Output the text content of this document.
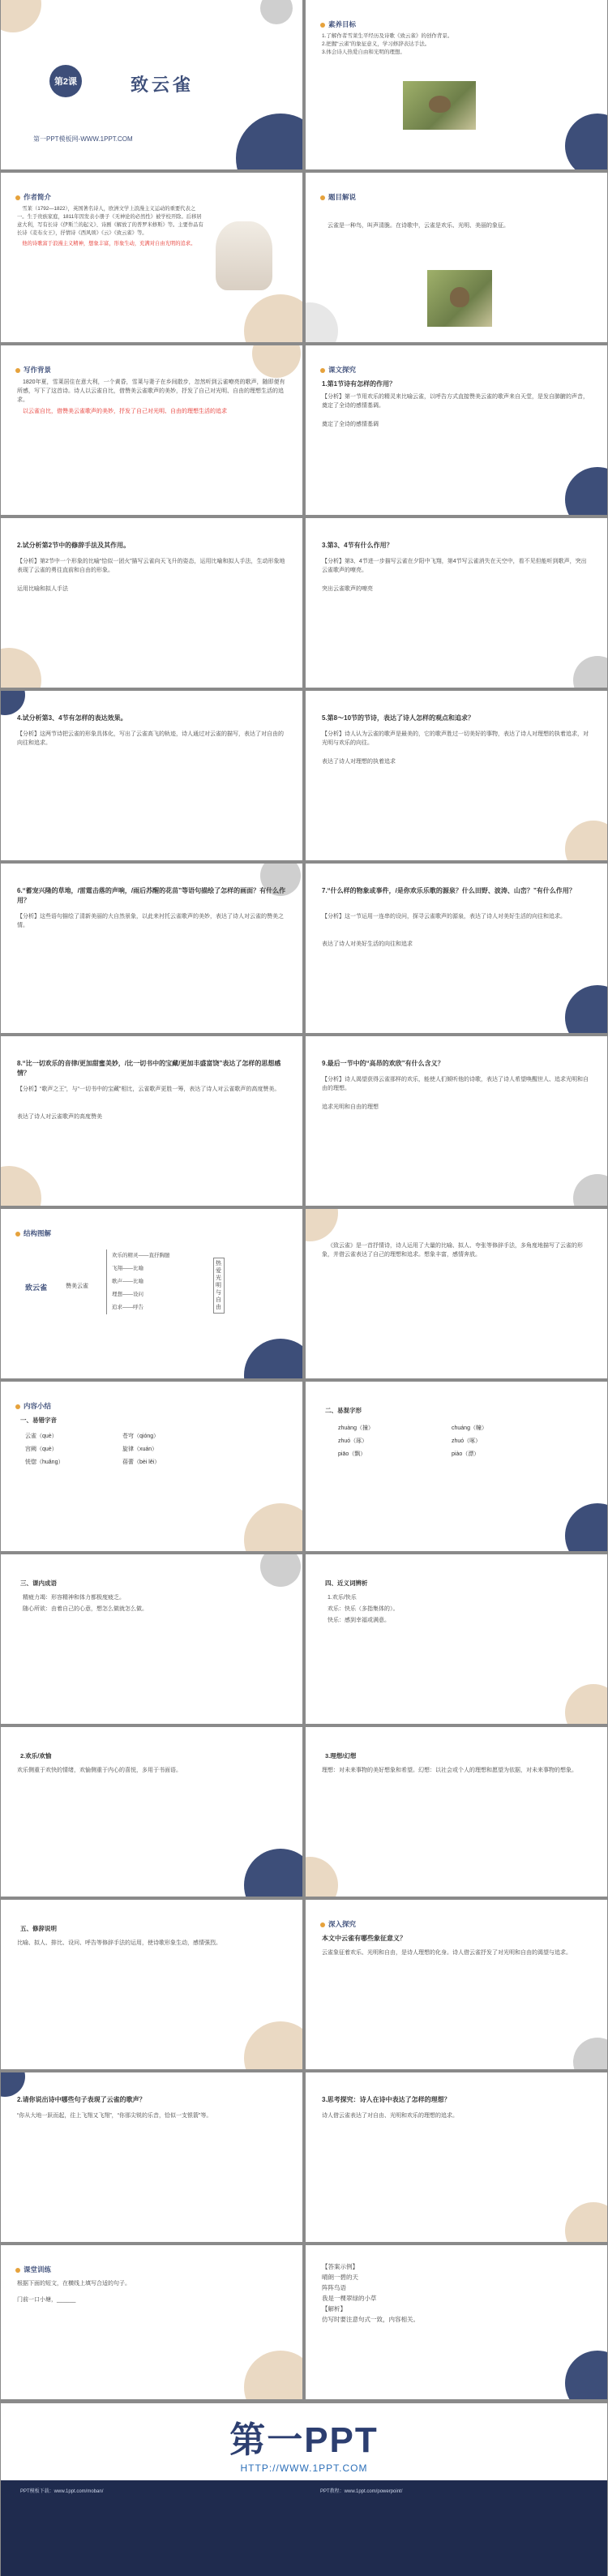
第2课	致云雀
第一PPT模板网-WWW.1PPT.COM
素养目标
1.了解作者雪莱生平经历及诗歌《致云雀》的创作背景。
2.把握“云雀”的象征意义，学习修辞表达手法。
3.体会诗人热爱自由和光明的理想。
作者简介

雪莱（1792—1822），英国著名诗人，欧洲文学上浪漫主义运动的重要代表之一。生于贵族家庭，1811年因发表小册子《无神论的必然性》被学校开除。后移居意大利，写有长诗《伊斯兰的起义》、诗剧《解放了的普罗米修斯》等。主要作品有长诗《麦布女王》，抒情诗《西风颂》《云》《致云雀》等。

他的诗歌富于浪漫主义精神，想象丰富，形象生动，充满对自由光明的追求。

题目解说

云雀是一种鸟，叫声清脆。在诗歌中，云雀是欢乐、光明、美丽的象征。

写作背景

1820年夏，雪莱居住在意大利，一个黄昏，雪莱与妻子在乡间散步，忽然听到云雀嘹亮的歌声，随即便有所感，写下了这首诗。诗人以云雀自比，借赞美云雀歌声的美妙，抒发了自己对光明、自由的理想生活的追求。

以云雀自比，借赞美云雀歌声的美妙，抒发了自己对光明、自由的理想生活的追求

课文探究
1.第1节诗有怎样的作用？
【分析】第一节用欢乐的精灵来比喻云雀，以呼告方式直接赞美云雀的歌声来自天堂，是发自肺腑的声音，奠定了全诗的感情基调。
奠定了全诗的感情基调
2.试分析第2节中的修辞手法及其作用。
【分析】第2节中一个形象的比喻“恰似一团火”描写云雀向天飞升的姿态，运用比喻和拟人手法，生动形象地表现了云雀的勇往直前和自由的形象。
运用比喻和拟人手法
3.第3、4节有什么作用？
【分析】第3、4节进一步描写云雀在夕阳中飞翔，第4节写云雀消失在天空中，看不见但能听到歌声，突出云雀歌声的嘹亮。
突出云雀歌声的嘹亮
4.试分析第3、4节有怎样的表达效果。
【分析】这两节诗把云雀的形象具体化，写出了云雀高飞的轨迹，诗人通过对云雀的描写，表达了对自由的向往和追求。
5.第8～10节的节诗，表达了诗人怎样的观点和追求？
【分析】诗人认为云雀的歌声是最美的，它的歌声胜过一切美好的事物，表达了诗人对理想的执着追求，对光明与欢乐的向往。
表达了诗人对理想的执着追求
6.“蓄宠兴隆的草地，/雷霆击落的声响，/雨后苏醒的花苗”等语句描绘了怎样的画面？有什么作用？
【分析】这些语句描绘了清新美丽的大自然景象，以此来衬托云雀歌声的美妙，表达了诗人对云雀的赞美之情。
7.“什么样的物象或事件，/是你欢乐乐歌的源泉？什么田野、波涛、山峦？”有什么作用？
【分析】这一节运用一连串的设问，探寻云雀歌声的源泉，表达了诗人对美好生活的向往和追求。
表达了诗人对美好生活的向往和追求
8.“比一切欢乐的音律/更加甜蜜美妙，/比一切书中的宝藏/更加丰盛富饶”表达了怎样的思想感情？
【分析】“歌声之王”，与“一切书中的宝藏”相比，云雀歌声更胜一筹，表达了诗人对云雀歌声的高度赞美。
表达了诗人对云雀歌声的高度赞美
9.最后一节中的“高昂的欢欣”有什么含义？
【分析】诗人渴望获得云雀那样的欢乐，能使人们倾听他的诗歌，表达了诗人希望唤醒世人、追求光明和自由的理想。
追求光明和自由的理想
结构图解
致云雀	赞美云雀
欢乐的精灵——直抒胸臆
飞翔——比喻
歌声——比喻
理想——设问
追求——呼告
热爱光明与自由

《致云雀》是一首抒情诗，诗人运用了大量的比喻、拟人、夸张等修辞手法，多角度地描写了云雀的形象，并借云雀表达了自己的理想和追求。想象丰富，感情奔放。

内容小结
一、易错字音
云雀（què）	苍穹（qióng）
宫阙（què）	旋律（xuán）
恍惚（huǎng）	蓓蕾（bèi lěi）
二、易混字形
zhuàng（撞）	chuáng（幢）
zhuó（琢）	zhuó（啄）
piāo（飘）	piào（漂）
三、课内成语

精疲力竭：形容精神和体力都极度疲乏。

随心所欲：由着自己的心意，想怎么做就怎么做。

四、近义词辨析

1.欢乐/快乐

欢乐：快乐（多指集体的）。

快乐：感到幸福或满意。

2.欢乐/欢愉
欢乐侧重于欢快的情绪，欢愉侧重于内心的喜悦，多用于书面语。
3.理想/幻想
理想：对未来事物的美好想象和希望。幻想：以社会或个人的理想和愿望为依据，对未来事物的想象。
五、修辞说明
比喻、拟人、排比、设问、呼告等修辞手法的运用，使诗歌形象生动，感情强烈。
深入探究
本文中云雀有哪些象征意义？
云雀象征着欢乐、光明和自由，是诗人理想的化身。诗人借云雀抒发了对光明和自由的渴望与追求。
2.请你说出诗中哪些句子表现了云雀的歌声？
“你从大地一跃而起，往上飞翔又飞翔”，“你那尖锐的乐音，恰似一支银箭”等。
3.思考探究：诗人在诗中表达了怎样的理想？
诗人借云雀表达了对自由、光明和欢乐的理想的追求。
课堂训练
根据下面的短文，在横线上填写合适的句子。
门前一口小塘，______
【答案示例】
晴朗一碧的天
阵阵鸟语
我是一棵翠绿的小草
【解析】
仿写时要注意句式一致，内容相关。
第一PPT
HTTP://WWW.1PPT.COM
PPT模板下载：www.1ppt.com/moban/	PPT教程：www.1ppt.com/powerpoint/
